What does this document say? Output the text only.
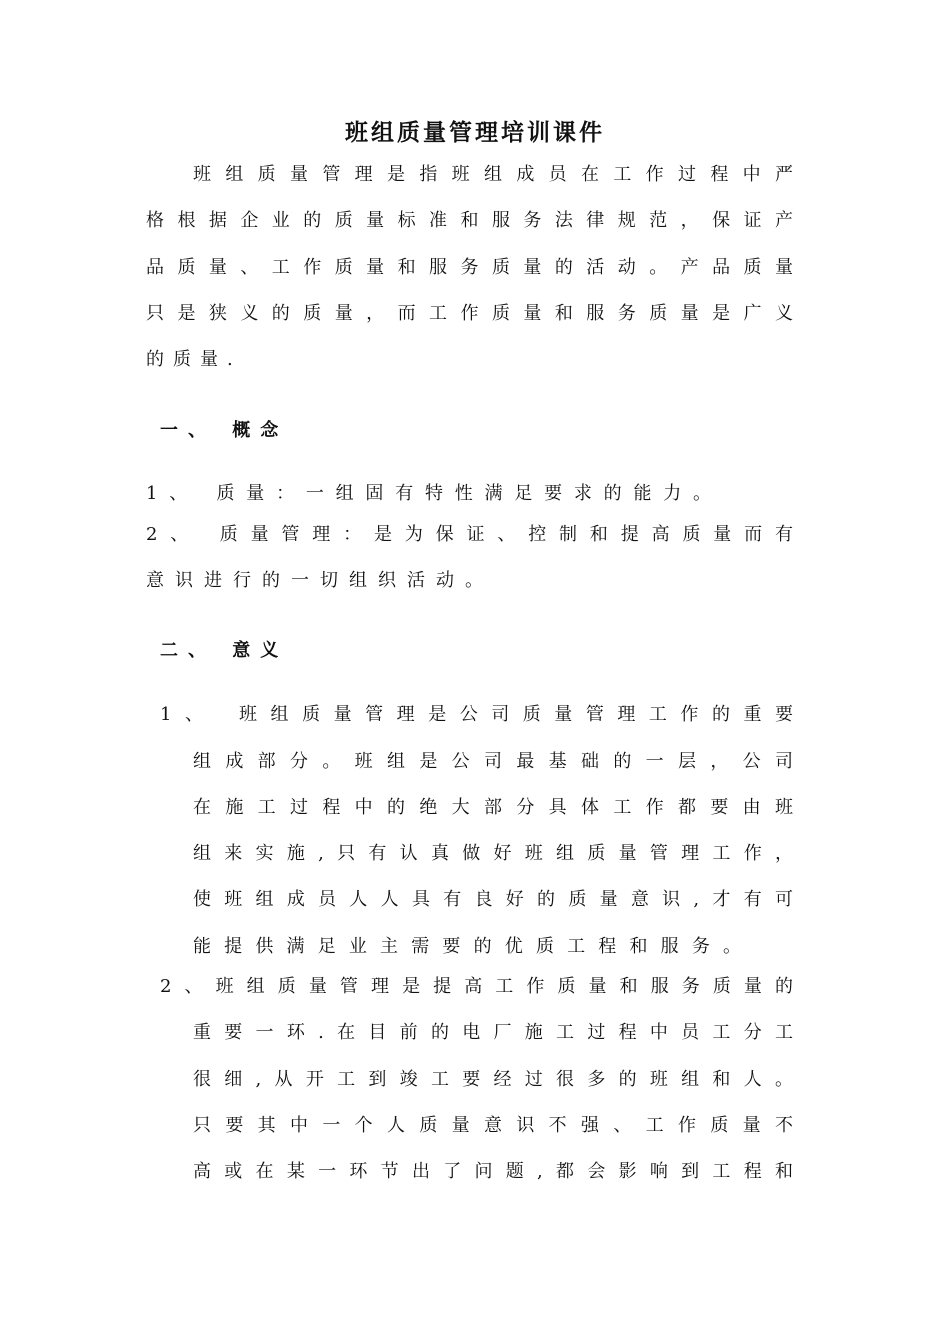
班组质量管理培训课件
班组质量管理是指班组成员在工作过程中严
格根据企业的质量标准和服务法律规范，保证产
品质量、工作质量和服务质量的活动。产品质量
只是狭义的质量，而工作质量和服务质量是广义
的质量.
一、 概念
1、 质量：一组固有特性满足要求的能力。
2、 质量管理：是为保证、控制和提高质量而有
意识进行的一切组织活动。
二、 意义
1、　班组质量管理是公司质量管理工作的重要
组成部分。班组是公司最基础的一层，公司
在施工过程中的绝大部分具体工作都要由班
组来实施,只有认真做好班组质量管理工作，
使班组成员人人具有良好的质量意识,才有可
能提供满足业主需要的优质工程和服务。
2、班组质量管理是提高工作质量和服务质量的
重要一环.在目前的电厂施工过程中员工分工
很细,从开工到竣工要经过很多的班组和人。
只要其中一个人质量意识不强、工作质量不
高或在某一环节出了问题,都会影响到工程和
